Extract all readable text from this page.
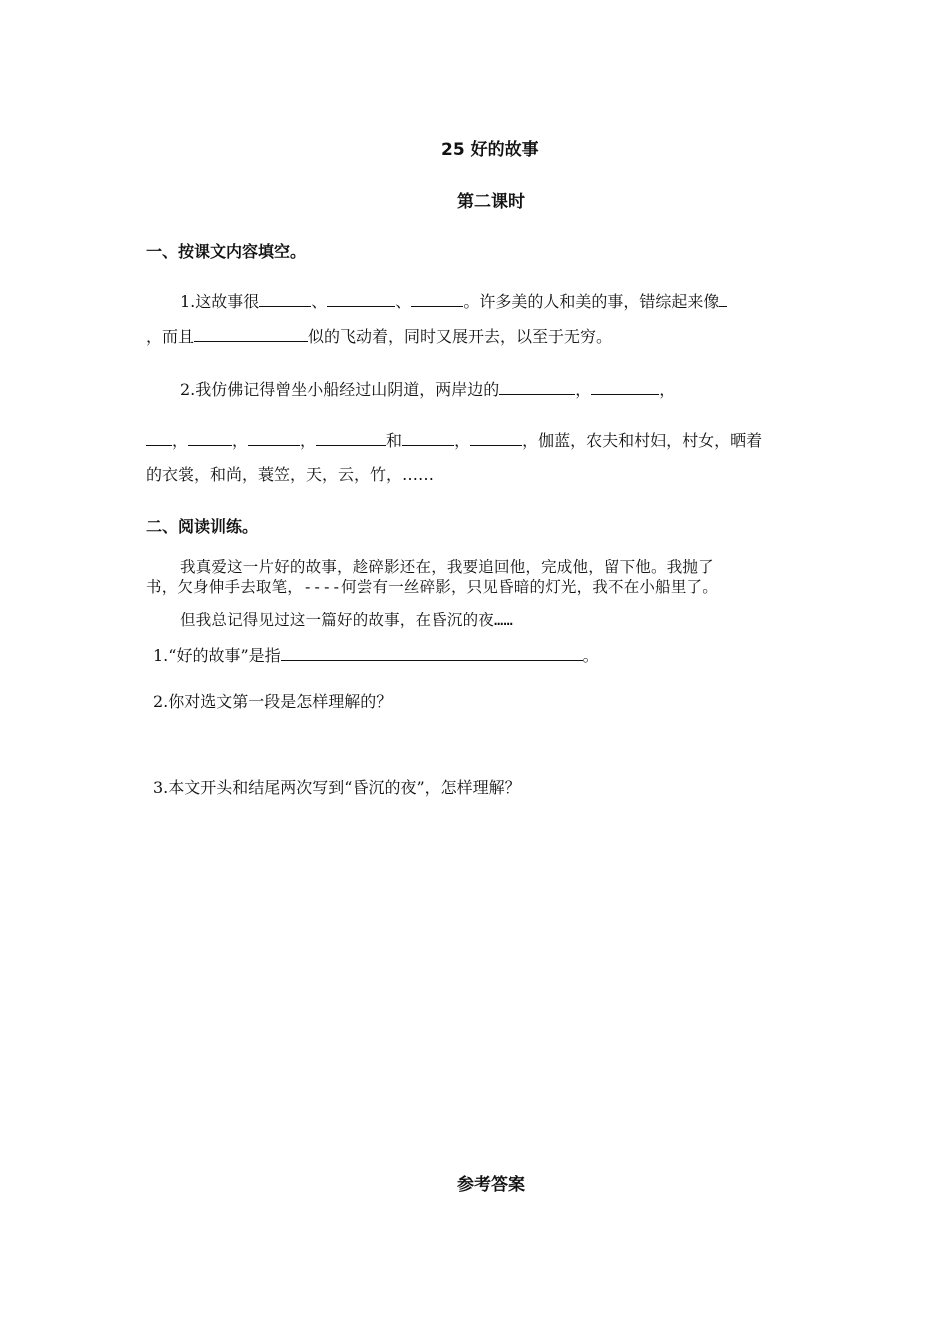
25 好的故事
第二课时
一、按课文内容填空。
1.这故事很	、	、	。许多美的人和美的事，错综起来像
，而且	似的飞动着，同时又展开去，以至于无穷。
2.我仿佛记得曾坐小船经过山阴道，两岸边的	，	，
，	，	，	和	，	，伽蓝，农夫和村妇，村女，晒着
的衣裳，和尚，蓑笠，天，云，竹，……
二、阅读训练。
我真爱这一片好的故事，趁碎影还在，我要追回他，完成他，留下他。我抛了
书，欠身伸手去取笔，----何尝有一丝碎影，只见昏暗的灯光，我不在小船里了。
但我总记得见过这一篇好的故事，在昏沉的夜……
1.“好的故事”是指	。
2.你对选文第一段是怎样理解的？
3.本文开头和结尾两次写到“昏沉的夜”，怎样理解？
参考答案
